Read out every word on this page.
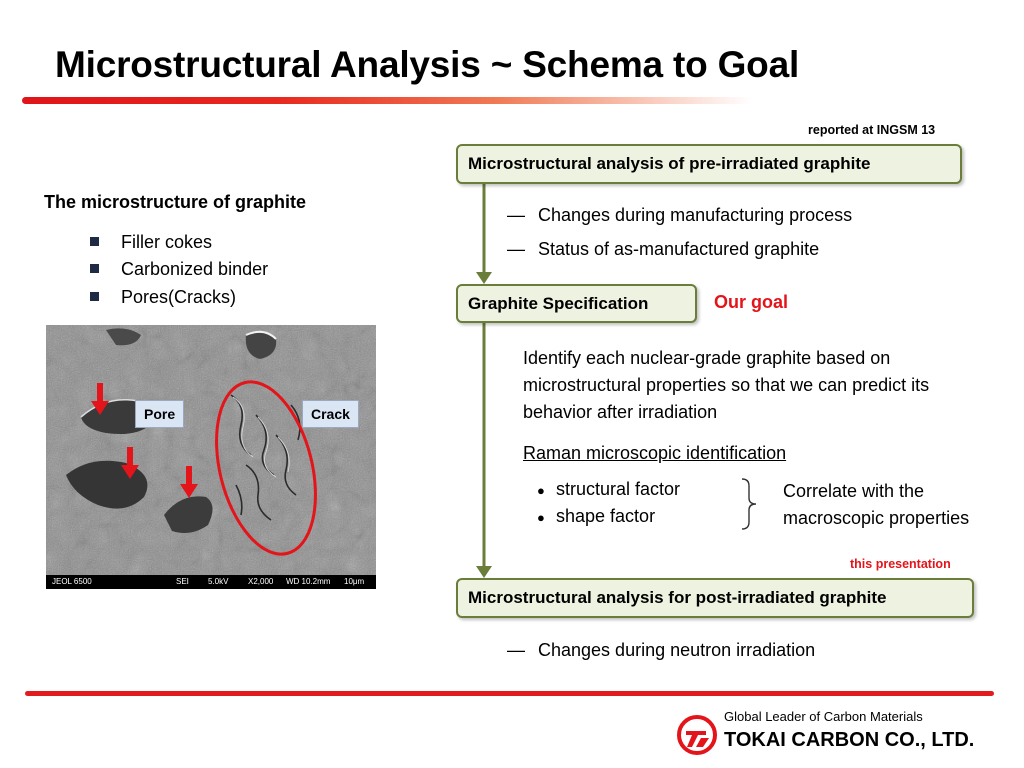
Microstructural Analysis ~ Schema to Goal
reported at INGSM 13
Microstructural analysis of pre-irradiated graphite
— Changes during manufacturing process
— Status of as-manufactured graphite
Graphite Specification	Our goal
Identify each nuclear-grade graphite based on microstructural properties so that we can predict its behavior after irradiation
Raman microscopic identification
● structural factor
● shape factor
Correlate with the
macroscopic properties
this presentation
Microstructural analysis for post-irradiated graphite
— Changes during neutron irradiation
The microstructure of graphite
Filler cokes
Carbonized binder
Pores(Cracks)
Pore	Crack
JEOL 6500	SEI 5.0kV X2,000 WD 10.2mm 10μm
Global Leader of Carbon Materials
TOKAI CARBON CO., LTD.
